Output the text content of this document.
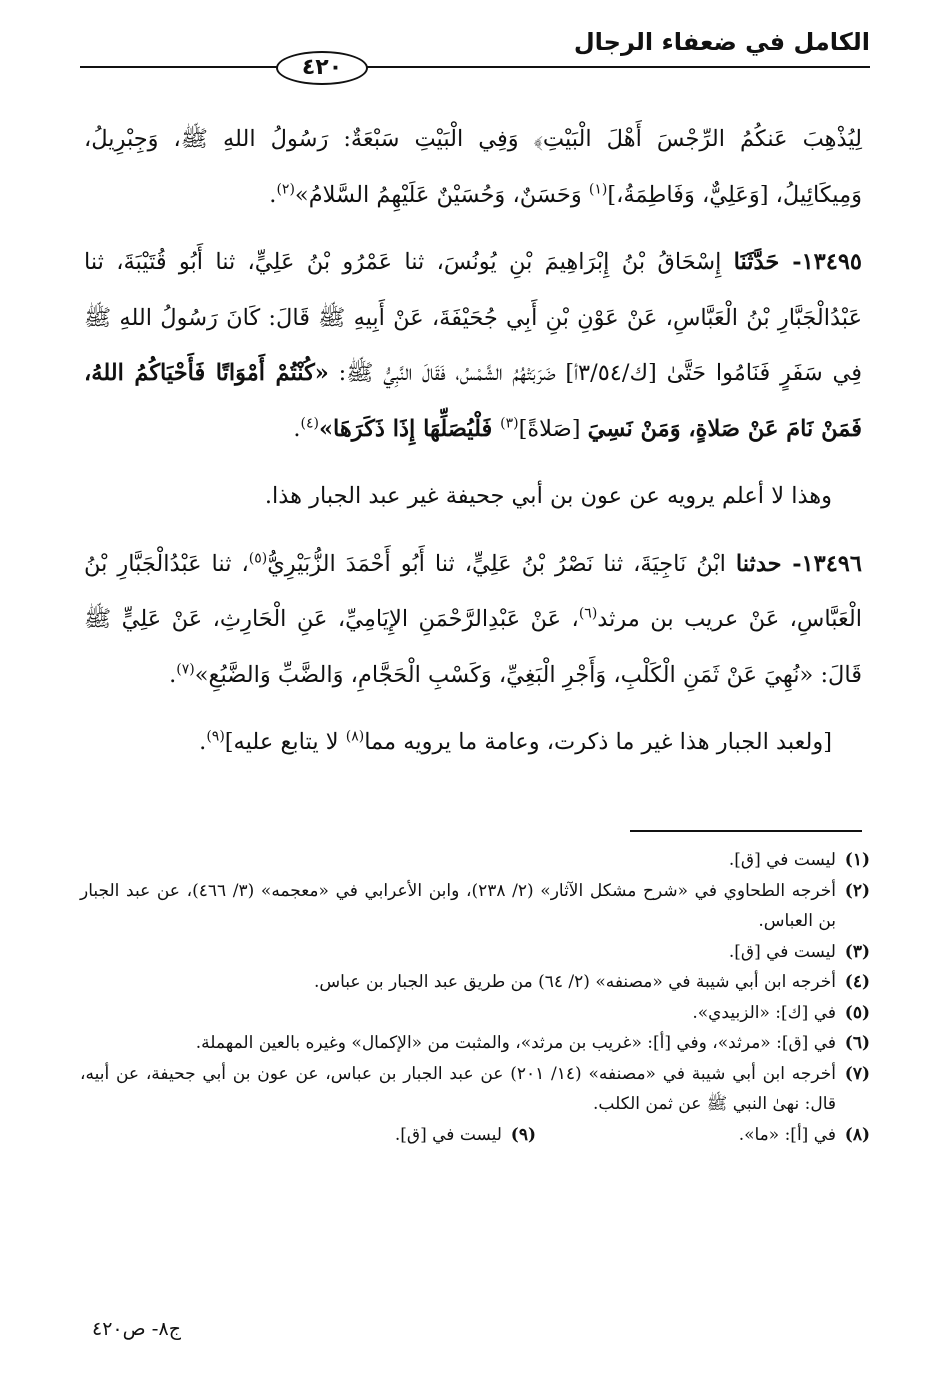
الكامل في ضعفاء الرجال
٤٢٠

لِيُذْهِبَ عَنكُمُ الرِّجْسَ أَهْلَ الْبَيْتِ﴾ وَفِي الْبَيْتِ سَبْعَةٌ: رَسُولُ اللهِ ﷺ، وَجِبْرِيلُ، وَمِيكَائِيلُ، [وَعَلِيٌّ، وَفَاطِمَةُ،]$^{(١)}$ وَحَسَنٌ، وَحُسَيْنٌ عَلَيْهِمُ السَّلامُ»$^{(٢)}$.

١٣٤٩٥- حَدَّثَنَا إِسْحَاقُ بْنُ إِبْرَاهِيمَ بْنِ يُونُسَ، ثنا عَمْرُو بْنُ عَلِيٍّ، ثنا أَبُو قُتَيْبَةَ، ثنا عَبْدُالْجَبَّارِ بْنُ الْعَبَّاسِ، عَنْ عَوْنِ بْنِ أَبِي جُحَيْفَةَ، عَنْ أَبِيهِ ﷺ قَالَ: كَانَ رَسُولُ اللهِ ﷺ فِي سَفَرٍ فَنَامُوا حَتَّىٰ [ك/٣/٥٤أ] ضَرَبَتْهُمُ الشَّمْسُ، فَقَالَ النَّبِيُّ ﷺ: «كُنْتُمْ أَمْوَاتًا فَأَحْيَاكُمُ اللهُ، فَمَنْ نَامَ عَنْ صَلاةٍ، وَمَنْ نَسِيَ [صَلاةً]$^{(٣)}$ فَلْيُصَلِّهَا إِذَا ذَكَرَهَا»$^{(٤)}$.

وهذا لا أعلم يرويه عن عون بن أبي جحيفة غير عبد الجبار هذا.

١٣٤٩٦- حدثنا ابْنُ نَاجِيَةَ، ثنا نَصْرُ بْنُ عَلِيٍّ، ثنا أَبُو أَحْمَدَ الزُّبَيْرِيُّ$^{(٥)}$، ثنا عَبْدُالْجَبَّارِ بْنُ الْعَبَّاسِ، عَنْ عريب بن مرثد$^{(٦)}$، عَنْ عَبْدِالرَّحْمَنِ الإِيَامِيِّ، عَنِ الْحَارِثِ، عَنْ عَلِيٍّ ﷺ قَالَ: «نُهِيَ عَنْ ثَمَنِ الْكَلْبِ، وَأَجْرِ الْبَغِيِّ، وَكَسْبِ الْحَجَّامِ، وَالضَّبِّ وَالضَّبُعِ»$^{(٧)}$.

[ولعبد الجبار هذا غير ما ذكرت، وعامة ما يرويه مما$^{(٨)}$ لا يتابع عليه]$^{(٩)}$.

(١)
ليست في [ق].

(٢)
أخرجه الطحاوي في «شرح مشكل الآثار» (٢/ ٢٣٨)، وابن الأعرابي في «معجمه» (٣/ ٤٦٦)، عن عبد الجبار بن العباس.

(٣)
ليست في [ق].

(٤)
أخرجه ابن أبي شيبة في «مصنفه» (٢/ ٦٤) من طريق عبد الجبار بن عباس.

(٥)
في [ك]: «الزبيدي».

(٦)
في [ق]: «مرثد»، وفي [أ]: «غريب بن مرثد»، والمثبت من «الإكمال» وغيره بالعين المهملة.

(٧)
أخرجه ابن أبي شيبة في «مصنفه» (١٤/ ٢٠١) عن عبد الجبار بن عباس، عن عون بن أبي جحيفة، عن أبيه، قال: نهىٰ النبي ﷺ عن ثمن الكلب.

(٨)
في [أ]: «ما».

(٩)
ليست في [ق].

ج٨- ص٤٢٠
